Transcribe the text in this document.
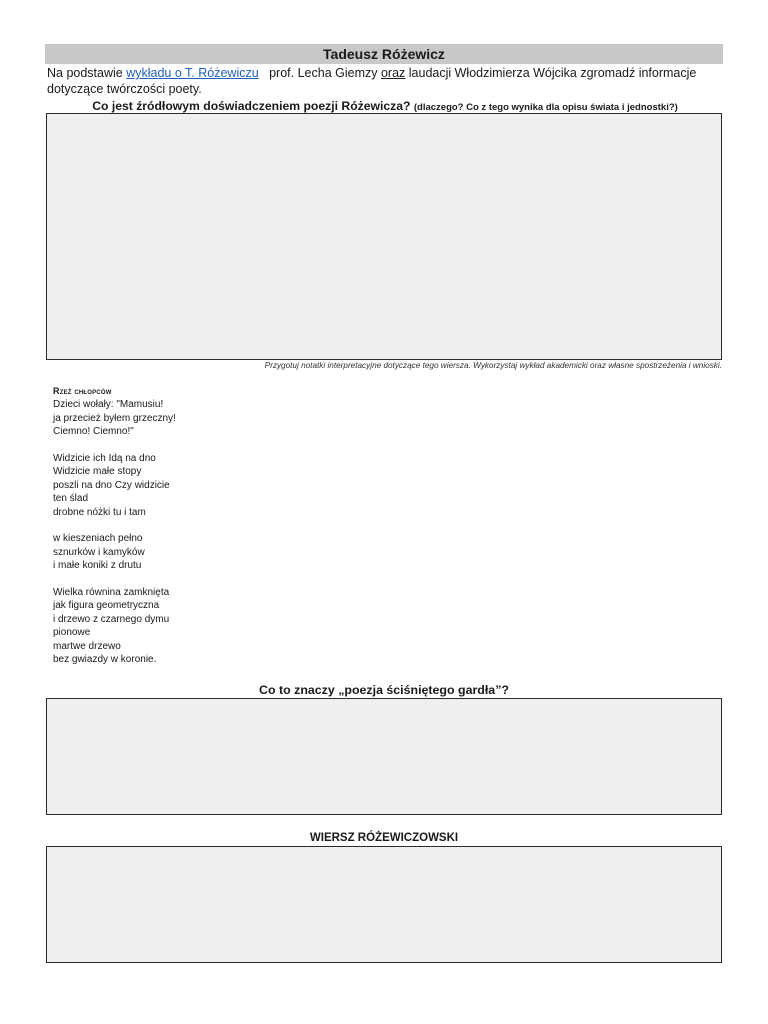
Tadeusz Różewicz
Na podstawie wykładu o T. Różewiczu   prof. Lecha Giemzy oraz laudacji Włodzimierza Wójcika zgromadź informacje dotyczące twórczości poety.
Co jest źródłowym doświadczeniem poezji Różewicza? (dlaczego? Co z tego wynika dla opisu świata i jednostki?)
Przygotuj notatki interpretacyjne dotyczące tego wiersza. Wykorzystaj wykład akademicki oraz własne spostrzeżenia i wnioski.
Rzeź chłopców
Dzieci wołały: "Mamusiu!
ja przecież byłem grzeczny!
Ciemno! Ciemno!"
Widzicie ich Idą na dno
Widzicie małe stopy
poszli na dno Czy widzicie
ten ślad
drobne nóżki tu i tam
w kieszeniach pełno
sznurków i kamyków
i małe koniki z drutu
Wielka równina zamknięta
jak figura geometryczna
i drzewo z czarnego dymu
pionowe
martwe drzewo
bez gwiazdy w koronie.
Co to znaczy „poezja ściśniętego gardła”?
WIERSZ RÓŻEWICZOWSKI
